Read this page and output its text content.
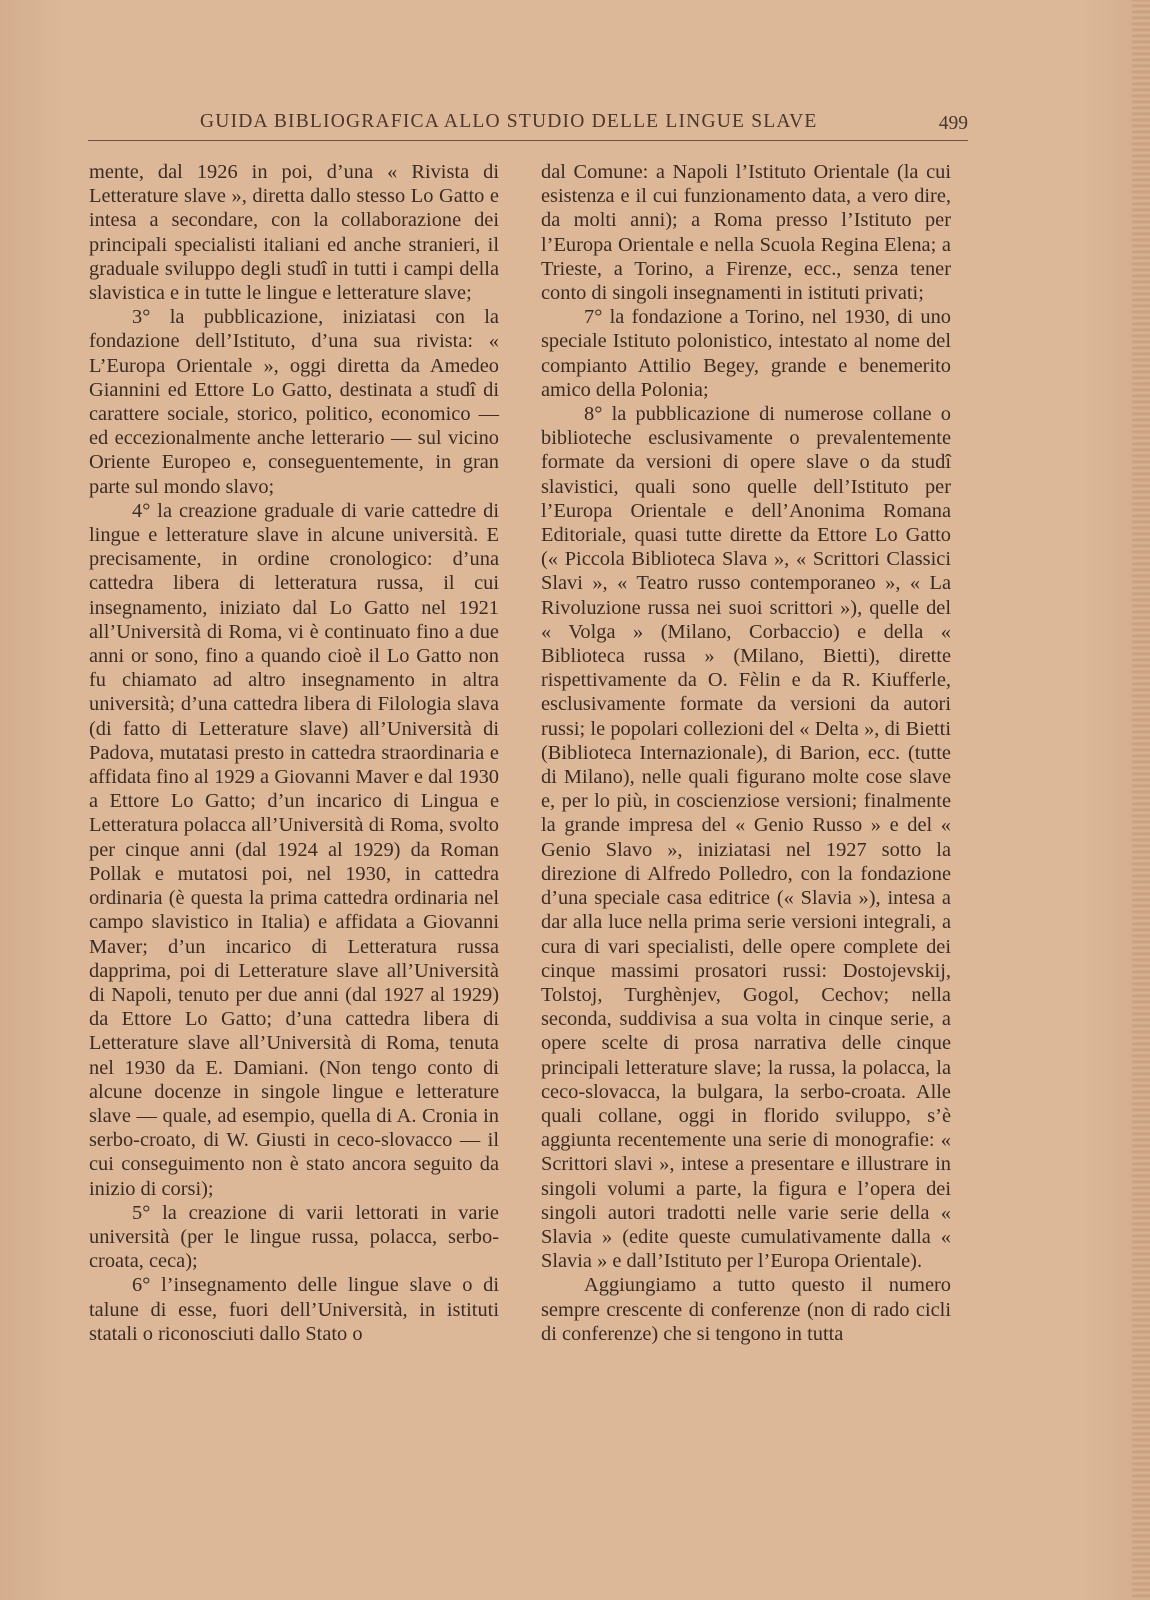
GUIDA BIBLIOGRAFICA ALLO STUDIO DELLE LINGUE SLAVE	499

mente, dal 1926 in poi, d’una « Rivista di Letterature slave », diretta dallo stesso Lo Gatto e intesa a secondare, con la collaborazione dei principali specialisti italiani ed anche stranieri, il graduale sviluppo degli studî in tutti i campi della slavistica e in tutte le lingue e letterature slave;

3° la pubblicazione, iniziatasi con la fondazione dell’Istituto, d’una sua rivista: « L’Europa Orientale », oggi diretta da Amedeo Giannini ed Ettore Lo Gatto, destinata a studî di carattere sociale, storico, politico, economico — ed eccezionalmente anche letterario — sul vicino Oriente Europeo e, conseguentemente, in gran parte sul mondo slavo;

4° la creazione graduale di varie cattedre di lingue e letterature slave in alcune università. E precisamente, in ordine cronologico: d’una cattedra libera di letteratura russa, il cui insegnamento, iniziato dal Lo Gatto nel 1921 all’Università di Roma, vi è continuato fino a due anni or sono, fino a quando cioè il Lo Gatto non fu chiamato ad altro insegnamento in altra università; d’una cattedra libera di Filologia slava (di fatto di Letterature slave) all’Università di Padova, mutatasi presto in cattedra straordinaria e affidata fino al 1929 a Giovanni Maver e dal 1930 a Ettore Lo Gatto; d’un incarico di Lingua e Letteratura polacca all’Università di Roma, svolto per cinque anni (dal 1924 al 1929) da Roman Pollak e mutatosi poi, nel 1930, in cattedra ordinaria (è questa la prima cattedra ordinaria nel campo slavistico in Italia) e affidata a Giovanni Maver; d’un incarico di Letteratura russa dapprima, poi di Letterature slave all’Università di Napoli, tenuto per due anni (dal 1927 al 1929) da Ettore Lo Gatto; d’una cattedra libera di Letterature slave all’Università di Roma, tenuta nel 1930 da E. Damiani. (Non tengo conto di alcune docenze in singole lingue e letterature slave — quale, ad esempio, quella di A. Cronia in serbo-croato, di W. Giusti in ceco-slovacco — il cui conseguimento non è stato ancora seguito da inizio di corsi);

5° la creazione di varii lettorati in varie università (per le lingue russa, polacca, serbo-croata, ceca);

6° l’insegnamento delle lingue slave o di talune di esse, fuori dell’Università, in istituti statali o riconosciuti dallo Stato o

dal Comune: a Napoli l’Istituto Orientale (la cui esistenza e il cui funzionamento data, a vero dire, da molti anni); a Roma presso l’Istituto per l’Europa Orientale e nella Scuola Regina Elena; a Trieste, a Torino, a Firenze, ecc., senza tener conto di singoli insegnamenti in istituti privati;

7° la fondazione a Torino, nel 1930, di uno speciale Istituto polonistico, intestato al nome del compianto Attilio Begey, grande e benemerito amico della Polonia;

8° la pubblicazione di numerose collane o biblioteche esclusivamente o prevalentemente formate da versioni di opere slave o da studî slavistici, quali sono quelle dell’Istituto per l’Europa Orientale e dell’Anonima Romana Editoriale, quasi tutte dirette da Ettore Lo Gatto (« Piccola Biblioteca Slava », « Scrittori Classici Slavi », « Teatro russo contemporaneo », « La Rivoluzione russa nei suoi scrittori »), quelle del « Volga » (Milano, Corbaccio) e della « Biblioteca russa » (Milano, Bietti), dirette rispettivamente da O. Fèlin e da R. Kiufferle, esclusivamente formate da versioni da autori russi; le popolari collezioni del « Delta », di Bietti (Biblioteca Internazionale), di Barion, ecc. (tutte di Milano), nelle quali figurano molte cose slave e, per lo più, in coscienziose versioni; finalmente la grande impresa del « Genio Russo » e del « Genio Slavo », iniziatasi nel 1927 sotto la direzione di Alfredo Polledro, con la fondazione d’una speciale casa editrice (« Slavia »), intesa a dar alla luce nella prima serie versioni integrali, a cura di vari specialisti, delle opere complete dei cinque massimi prosatori russi: Dostojevskij, Tolstoj, Turghènjev, Gogol, Cechov; nella seconda, suddivisa a sua volta in cinque serie, a opere scelte di prosa narrativa delle cinque principali letterature slave; la russa, la polacca, la ceco-slovacca, la bulgara, la serbo-croata. Alle quali collane, oggi in florido sviluppo, s’è aggiunta recentemente una serie di monografie: « Scrittori slavi », intese a presentare e illustrare in singoli volumi a parte, la figura e l’opera dei singoli autori tradotti nelle varie serie della « Slavia » (edite queste cumulativamente dalla « Slavia » e dall’Istituto per l’Europa Orientale).

Aggiungiamo a tutto questo il numero sempre crescente di conferenze (non di rado cicli di conferenze) che si tengono in tutta
